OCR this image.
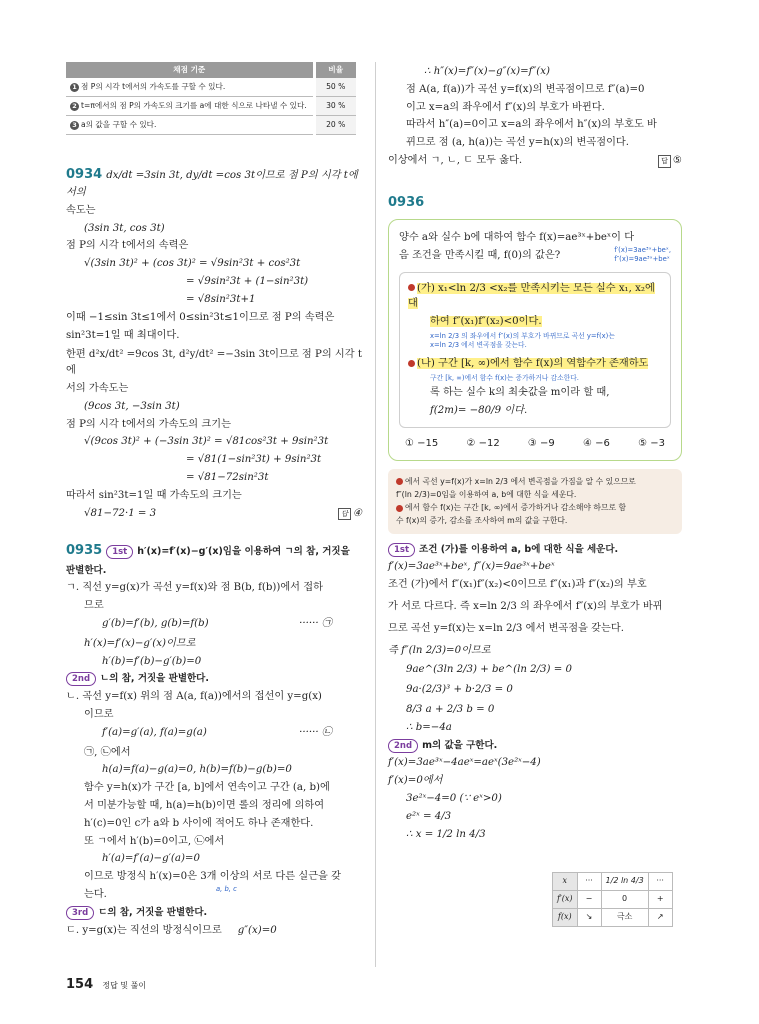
채점 기준	비율
1 점 P의 시각 t에서의 가속도를 구할 수 있다.	50 %
2 t=π에서의 점 P의 가속도의 크기를 a에 대한 식으로 나타낼 수 있다.	30 %
3 a의 값을 구할 수 있다.	20 %
0934 dx/dt =3sin 3t, dy/dt =cos 3t이므로 점 P의 시각 t에서의
속도는
(3sin 3t, cos 3t)
점 P의 시각 t에서의 속력은
√(3sin 3t)² + (cos 3t)² = √9sin²3t + cos²3t
= √9sin²3t + (1−sin²3t)
= √8sin²3t+1
이때 −1≤sin 3t≤1에서 0≤sin²3t≤1이므로 점 P의 속력은
sin²3t=1일 때 최대이다.
한편 d²x/dt² =9cos 3t, d²y/dt² =−3sin 3t이므로 점 P의 시각 t에
서의 가속도는
(9cos 3t, −3sin 3t)
점 P의 시각 t에서의 가속도의 크기는
√(9cos 3t)² + (−3sin 3t)² = √81cos²3t + 9sin²3t
= √81(1−sin²3t) + 9sin²3t
= √81−72sin²3t
따라서 sin²3t=1일 때 가속도의 크기는
√81−72·1 = 3	답 ④
0935 1st h′(x)=f′(x)−g′(x)임을 이용하여 ㄱ의 참, 거짓을
판별한다.
ㄱ. 직선 y=g(x)가 곡선 y=f(x)와 점 B(b, f(b))에서 접하
므로
g′(b)=f′(b), g(b)=f(b)	······ ㉠
h′(x)=f′(x)−g′(x)이므로
h′(b)=f′(b)−g′(b)=0
2nd ㄴ의 참, 거짓을 판별한다.
ㄴ. 곡선 y=f(x) 위의 점 A(a, f(a))에서의 접선이 y=g(x)
이므로
f′(a)=g′(a), f(a)=g(a)	······ ㉡
㉠, ㉡에서
h(a)=f(a)−g(a)=0, h(b)=f(b)−g(b)=0
함수 y=h(x)가 구간 [a, b]에서 연속이고 구간 (a, b)에
서 미분가능할 때, h(a)=h(b)이면 롤의 정리에 의하여
h′(c)=0인 c가 a와 b 사이에 적어도 하나 존재한다.
또 ㄱ에서 h′(b)=0이고, ㉡에서
h′(a)=f′(a)−g′(a)=0
이므로 방정식 h′(x)=0은 3개 이상의 서로 다른 실근을 갖
는다.	a, b, c
3rd ㄷ의 참, 거짓을 판별한다.
ㄷ. y=g(x)는 직선의 방정식이므로 g″(x)=0
∴ h″(x)=f″(x)−g″(x)=f″(x)
점 A(a, f(a))가 곡선 y=f(x)의 변곡점이므로 f″(a)=0
이고 x=a의 좌우에서 f″(x)의 부호가 바뀐다.
따라서 h″(a)=0이고 x=a의 좌우에서 h″(x)의 부호도 바
뀌므로 점 (a, h(a))는 곡선 y=h(x)의 변곡점이다.
이상에서 ㄱ, ㄴ, ㄷ 모두 옳다.	답 ⑤
0936
양수 a와 실수 b에 대하여 함수 f(x)=ae³ˣ+beˣ이 다
음 조건을 만족시킬 때, f(0)의 값은?	f′(x)=3ae³ˣ+beˣ,
f″(x)=9ae³ˣ+beˣ
(가) x₁<ln 2/3 <x₂를 만족시키는 모든 실수 x₁, x₂에 대
하여 f″(x₁)f″(x₂)<0이다.
x=ln 2/3 의 좌우에서 f″(x)의 부호가 바뀌므로 곡선 y=f(x)는
x=ln 2/3 에서 변곡점을 갖는다.
(나) 구간 [k, ∞)에서 함수 f(x)의 역함수가 존재하도
구간 [k, ∞)에서 함수 f(x)는 증가하거나 감소한다.
록 하는 실수 k의 최솟값을 m이라 할 때,
f(2m)= −80/9 이다.
① −15	② −12	③ −9	④ −6	⑤ −3
에서 곡선 y=f(x)가 x=ln 2/3 에서 변곡점을 가짐을 알 수 있으므로
f″(ln 2/3)=0임을 이용하여 a, b에 대한 식을 세운다.
에서 함수 f(x)는 구간 [k, ∞)에서 증가하거나 감소해야 하므로 함
수 f(x)의 증가, 감소를 조사하여 m의 값을 구한다.
1st 조건 (가)를 이용하여 a, b에 대한 식을 세운다.
f′(x)=3ae³ˣ+beˣ, f″(x)=9ae³ˣ+beˣ
조건 (가)에서 f″(x₁)f″(x₂)<0이므로 f″(x₁)과 f″(x₂)의 부호
가 서로 다르다. 즉 x=ln 2/3 의 좌우에서 f″(x)의 부호가 바뀌
므로 곡선 y=f(x)는 x=ln 2/3 에서 변곡점을 갖는다.
즉 f″(ln 2/3)=0이므로
9ae^(3ln 2/3) + be^(ln 2/3) = 0
9a·(2/3)³ + b·2/3 = 0
8/3 a + 2/3 b = 0
∴ b=−4a
2nd m의 값을 구한다.
f′(x)=3ae³ˣ−4aeˣ=aeˣ(3e²ˣ−4)
f′(x)=0에서
3e²ˣ−4=0 (∵ eˣ>0)
e²ˣ = 4/3
∴ x = 1/2 ln 4/3
x	···	1/2 ln 4/3	···
f′(x)	−	0	+
f(x)	↘	극소	↗
154 정답 및 풀이
